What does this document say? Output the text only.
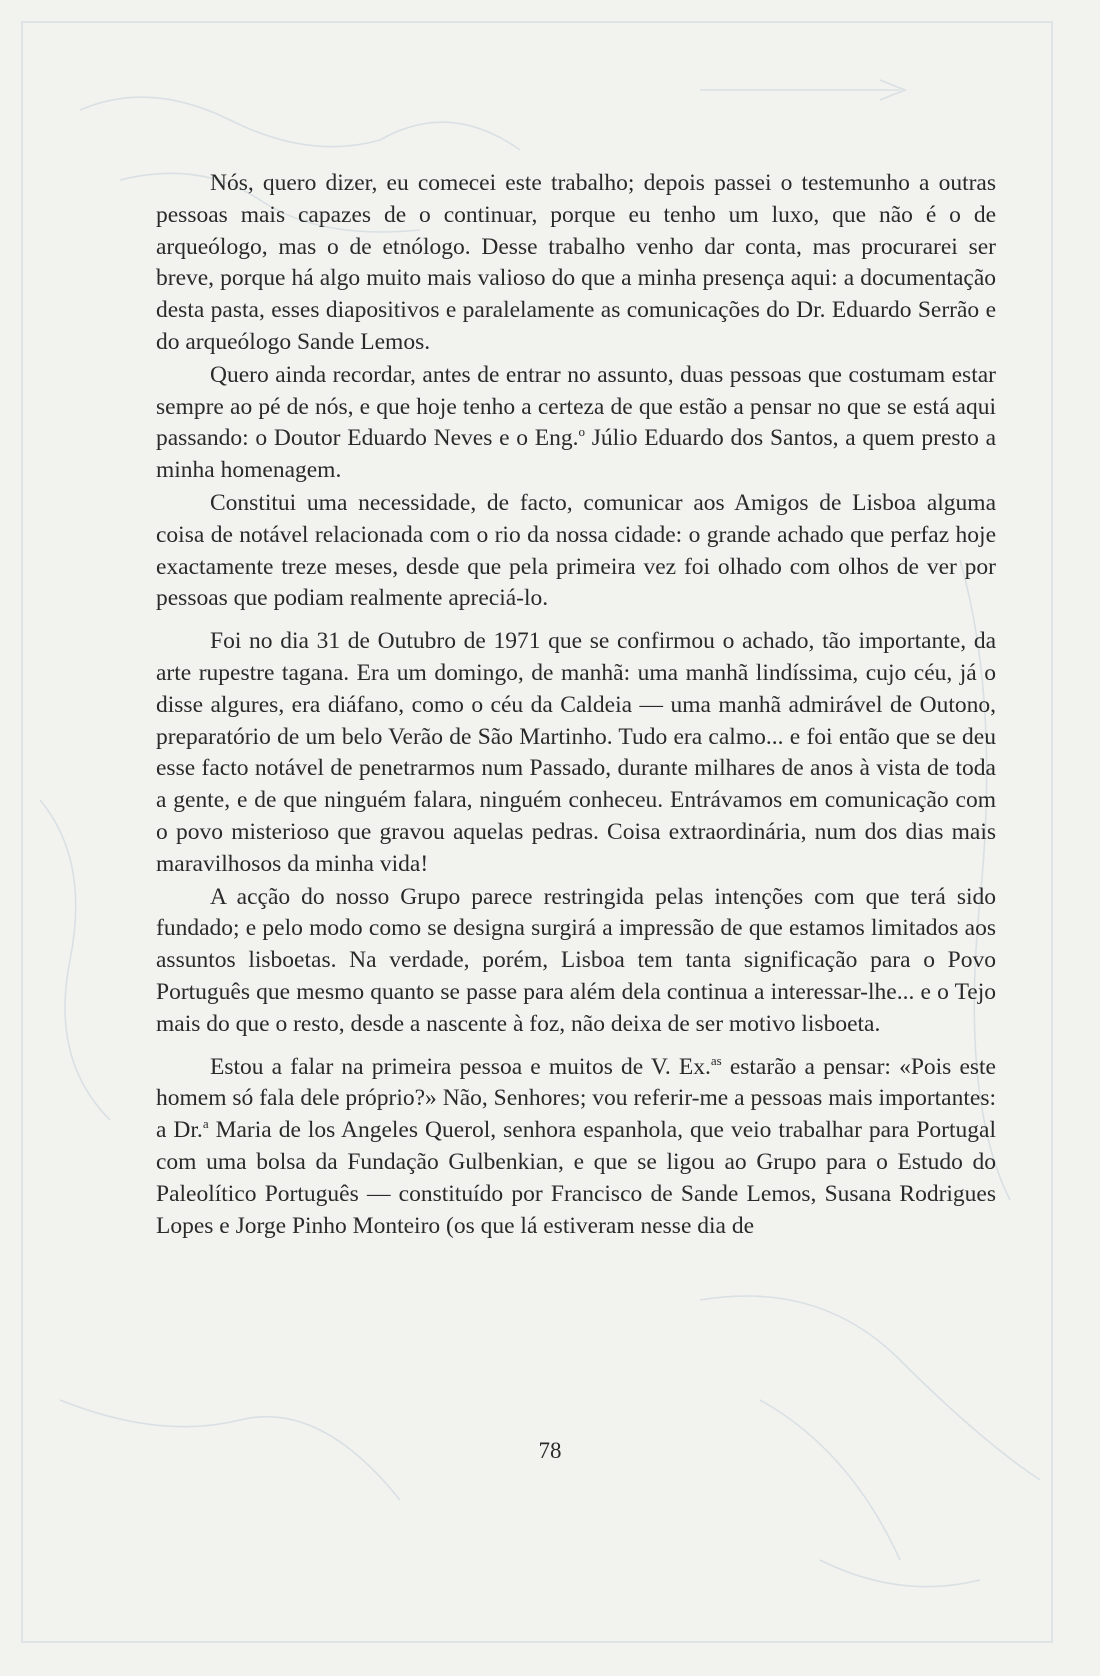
Nós, quero dizer, eu comecei este trabalho; depois passei o testemunho a outras pessoas mais capazes de o continuar, porque eu tenho um luxo, que não é o de arqueólogo, mas o de etnólogo. Desse trabalho venho dar conta, mas procurarei ser breve, porque há algo muito mais valioso do que a minha presença aqui: a documentação desta pasta, esses diapositivos e paralelamente as comunicações do Dr. Eduardo Serrão e do arqueólogo Sande Lemos.

Quero ainda recordar, antes de entrar no assunto, duas pessoas que costumam estar sempre ao pé de nós, e que hoje tenho a certeza de que estão a pensar no que se está aqui passando: o Doutor Eduardo Neves e o Eng.$^o$ Júlio Eduardo dos Santos, a quem presto a minha homenagem.

Constitui uma necessidade, de facto, comunicar aos Amigos de Lisboa alguma coisa de notável relacionada com o rio da nossa cidade: o grande achado que perfaz hoje exactamente treze meses, desde que pela primeira vez foi olhado com olhos de ver por pessoas que podiam realmente apreciá-lo.

Foi no dia 31 de Outubro de 1971 que se confirmou o achado, tão importante, da arte rupestre tagana. Era um domingo, de manhã: uma manhã lindíssima, cujo céu, já o disse algures, era diáfano, como o céu da Caldeia — uma manhã admirável de Outono, preparatório de um belo Verão de São Martinho. Tudo era calmo... e foi então que se deu esse facto notável de penetrarmos num Passado, durante milhares de anos à vista de toda a gente, e de que ninguém falara, ninguém conheceu. Entrávamos em comunicação com o povo misterioso que gravou aquelas pedras. Coisa extraordinária, num dos dias mais maravilhosos da minha vida!

A acção do nosso Grupo parece restringida pelas intenções com que terá sido fundado; e pelo modo como se designa surgirá a impressão de que estamos limitados aos assuntos lisboetas. Na verdade, porém, Lisboa tem tanta significação para o Povo Português que mesmo quanto se passe para além dela continua a interessar-lhe... e o Tejo mais do que o resto, desde a nascente à foz, não deixa de ser motivo lisboeta.

Estou a falar na primeira pessoa e muitos de V. Ex.$^{as}$ estarão a pensar: «Pois este homem só fala dele próprio?» Não, Senhores; vou referir-me a pessoas mais importantes: a Dr.$^a$ Maria de los Angeles Querol, senhora espanhola, que veio trabalhar para Portugal com uma bolsa da Fundação Gulbenkian, e que se ligou ao Grupo para o Estudo do Paleolítico Português — constituído por Francisco de Sande Lemos, Susana Rodrigues Lopes e Jorge Pinho Monteiro (os que lá estiveram nesse dia de

78
